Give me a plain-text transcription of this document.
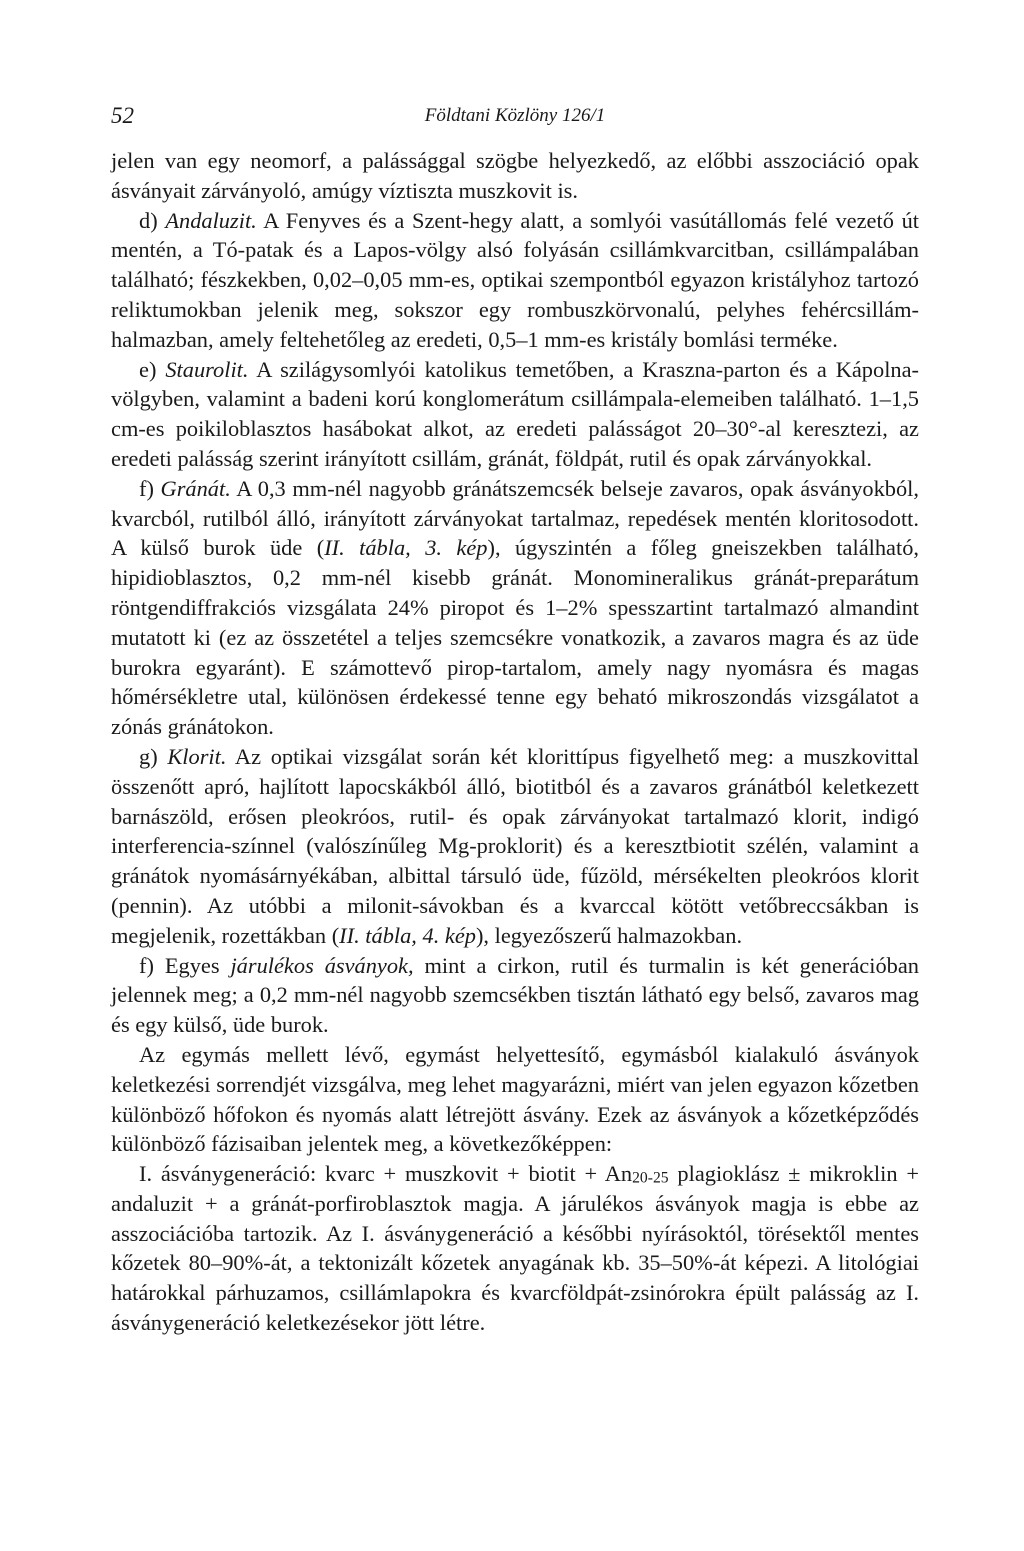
52	Földtani Közlöny 126/1

jelen van egy neomorf, a palássággal szögbe helyezkedő, az előbbi asszociáció opak ásványait zárványoló, amúgy víztiszta muszkovit is.

d) Andaluzit. A Fenyves és a Szent-hegy alatt, a somlyói vasútállomás felé vezető út mentén, a Tó-patak és a Lapos-völgy alsó folyásán csillámkvarcitban, csillámpalában található; fészkekben, 0,02–0,05 mm-es, optikai szempontból egyazon kristályhoz tartozó reliktumokban jelenik meg, sokszor egy rombuszkörvonalú, pelyhes fehércsillám-halmazban, amely feltehetőleg az eredeti, 0,5–1 mm-es kristály bomlási terméke.

e) Staurolit. A szilágysomlyói katolikus temetőben, a Kraszna-parton és a Kápolna-völgyben, valamint a badeni korú konglomerátum csillámpala-elemeiben található. 1–1,5 cm-es poikiloblasztos hasábokat alkot, az eredeti palásságot 20–30°-al keresztezi, az eredeti palásság szerint irányított csillám, gránát, földpát, rutil és opak zárványokkal.

f) Gránát. A 0,3 mm-nél nagyobb gránátszemcsék belseje zavaros, opak ásványokból, kvarcból, rutilból álló, irányított zárványokat tartalmaz, repedések mentén kloritosodott. A külső burok üde (II. tábla, 3. kép), úgyszintén a főleg gneiszekben található, hipidioblasztos, 0,2 mm-nél kisebb gránát. Monomineralikus gránát-preparátum röntgendiffrakciós vizsgálata 24% piropot és 1–2% spesszartint tartalmazó almandint mutatott ki (ez az összetétel a teljes szemcsékre vonatkozik, a zavaros magra és az üde burokra egyaránt). E számottevő pirop-tartalom, amely nagy nyomásra és magas hőmérsékletre utal, különösen érdekessé tenne egy beható mikroszondás vizsgálatot a zónás gránátokon.

g) Klorit. Az optikai vizsgálat során két klorittípus figyelhető meg: a muszkovittal összenőtt apró, hajlított lapocskákból álló, biotitból és a zavaros gránátból keletkezett barnászöld, erősen pleokróos, rutil- és opak zárványokat tartalmazó klorit, indigó interferencia-színnel (valószínűleg Mg-proklorit) és a keresztbiotit szélén, valamint a gránátok nyomásárnyékában, albittal társuló üde, fűzöld, mérsékelten pleokróos klorit (pennin). Az utóbbi a milonit-sávokban és a kvarccal kötött vetőbreccsákban is megjelenik, rozettákban (II. tábla, 4. kép), legyezőszerű halmazokban.

f) Egyes járulékos ásványok, mint a cirkon, rutil és turmalin is két generációban jelennek meg; a 0,2 mm-nél nagyobb szemcsékben tisztán látható egy belső, zavaros mag és egy külső, üde burok.

Az egymás mellett lévő, egymást helyettesítő, egymásból kialakuló ásványok keletkezési sorrendjét vizsgálva, meg lehet magyarázni, miért van jelen egyazon kőzetben különböző hőfokon és nyomás alatt létrejött ásvány. Ezek az ásványok a kőzetképződés különböző fázisaiban jelentek meg, a következőképpen:

I. ásványgeneráció: kvarc + muszkovit + biotit + $An_{20-25}$ plagioklász ± mikroklin + andaluzit + a gránát-porfiroblasztok magja. A járulékos ásványok magja is ebbe az asszociációba tartozik. Az I. ásványgeneráció a későbbi nyírásoktól, törésektől mentes kőzetek 80–90%-át, a tektonizált kőzetek anyagának kb. 35–50%-át képezi. A litológiai határokkal párhuzamos, csillámlapokra és kvarcföldpát-zsinórokra épült palásság az I. ásványgeneráció keletkezésekor jött létre.
